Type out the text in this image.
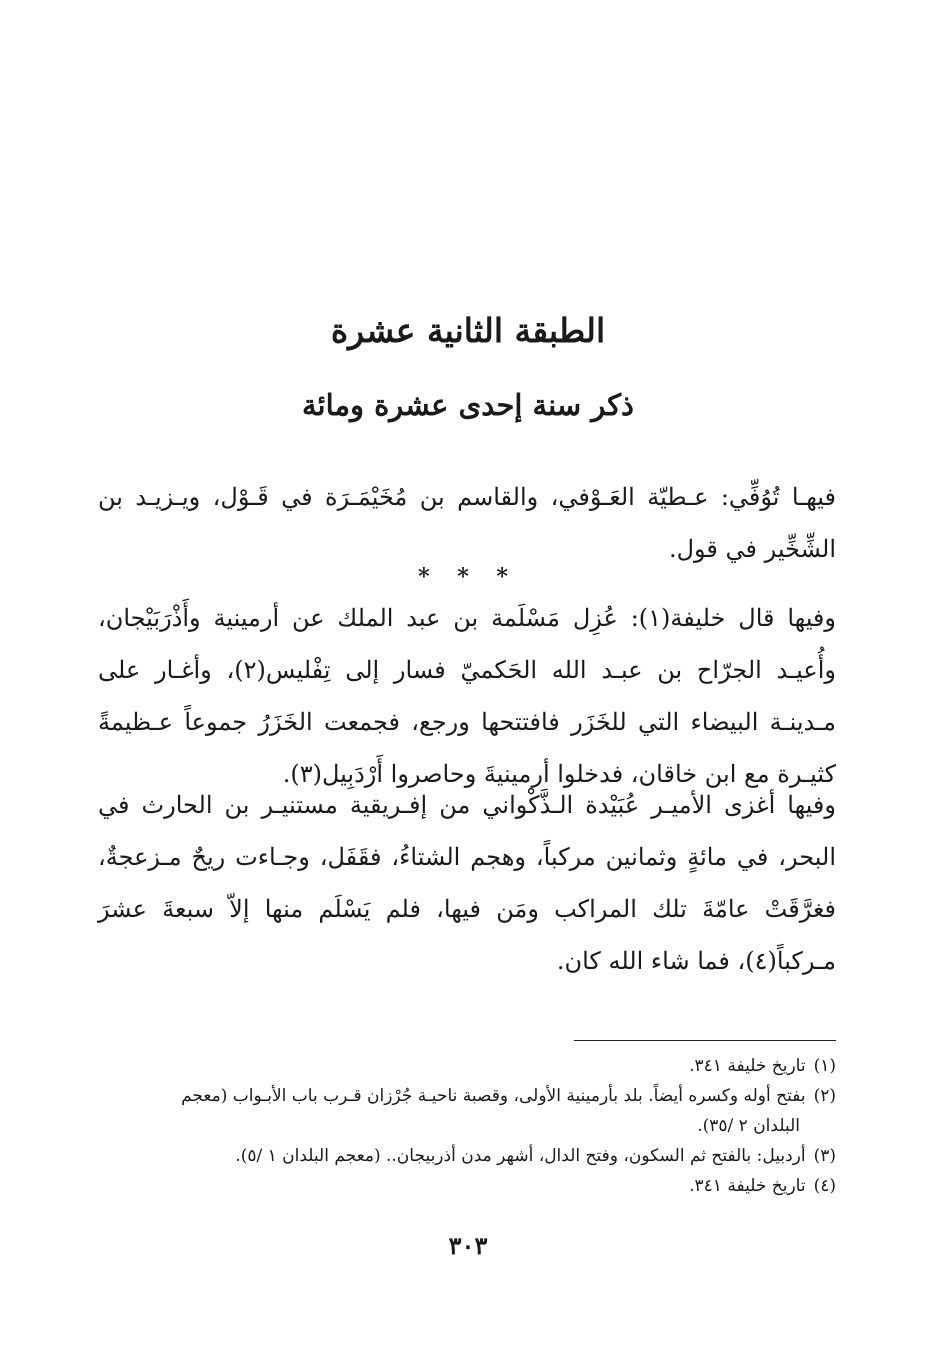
الطبقة الثانية عشرة
ذكر سنة إحدى عشرة ومائة

فيهـا تُوُفِّي: عـطيّة العَـوْفي، والقاسم بن مُخَيْمَـرَة في قَـوْل، ويـزيـد بن الشِّخِّير في قول.

* * *

وفيها قال خليفة(١): عُزِل مَسْلَمة بن عبد الملك عن أرمينية وأَذْرَبَيْجان، وأُعيـد الجرّاح بن عبـد الله الحَكميّ فسار إلى تِفْليس(٢)، وأغـار على مـدينـة البيضاء التي للخَزَر فافتتحها ورجع، فجمعت الخَزَرُ جموعاً عـظيمةً كثيـرة مع ابن خاقان، فدخلوا أرمينيةَ وحاصروا أَرْدَبِيل(٣).

وفيها أغزى الأميـر عُبَيْدة الـذَّكْواني من إفـريقية مستنيـر بن الحارث في البحر، في مائةٍ وثمانين مركباً، وهجم الشتاءُ، فقَفَل، وجـاءت ريحٌ مـزعجةٌ، فغرَّقَتْ عامّةَ تلك المراكب ومَن فيها، فلم يَسْلَم منها إلاّ سبعةَ عشرَ مـركباً(٤)، فما شاء الله كان.

(١)تاريخ خليفة ٣٤١.
(٢)بفتح أوله وكسره أيضاً. بلد بأرمينية الأولى، وقصبة ناحيـة جُرْزان قـرب باب الأبـواب (معجم
البلدان ٢ /٣٥).
(٣)أردبيل: بالفتح ثم السكون، وفتح الدال، أشهر مدن أذربيجان.. (معجم البلدان ١ /٥).
(٤)تاريخ خليفة ٣٤١.
٣٠٣
